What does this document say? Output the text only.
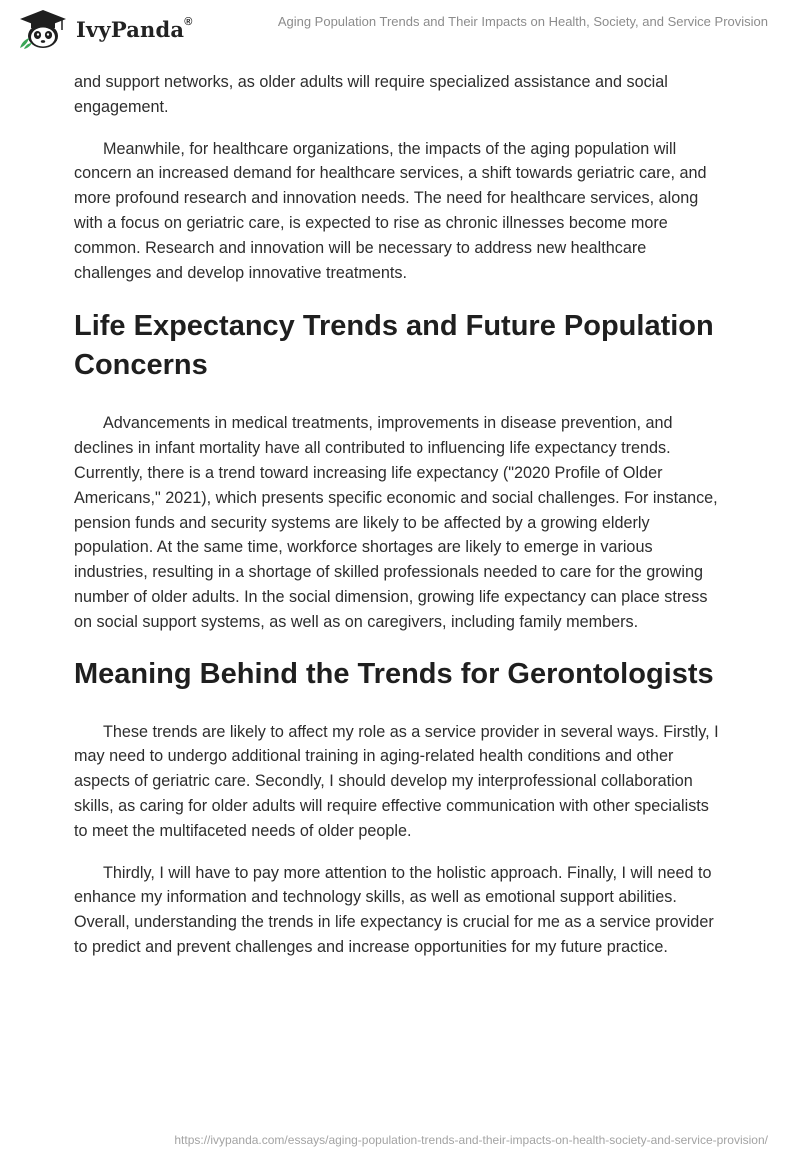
IvyPanda®	Aging Population Trends and Their Impacts on Health, Society, and Service Provision

and support networks, as older adults will require specialized assistance and social engagement.

Meanwhile, for healthcare organizations, the impacts of the aging population will concern an increased demand for healthcare services, a shift towards geriatric care, and more profound research and innovation needs. The need for healthcare services, along with a focus on geriatric care, is expected to rise as chronic illnesses become more common. Research and innovation will be necessary to address new healthcare challenges and develop innovative treatments.

Life Expectancy Trends and Future Population Concerns

Advancements in medical treatments, improvements in disease prevention, and declines in infant mortality have all contributed to influencing life expectancy trends. Currently, there is a trend toward increasing life expectancy ("2020 Profile of Older Americans," 2021), which presents specific economic and social challenges. For instance, pension funds and security systems are likely to be affected by a growing elderly population. At the same time, workforce shortages are likely to emerge in various industries, resulting in a shortage of skilled professionals needed to care for the growing number of older adults. In the social dimension, growing life expectancy can place stress on social support systems, as well as on caregivers, including family members.

Meaning Behind the Trends for Gerontologists

These trends are likely to affect my role as a service provider in several ways. Firstly, I may need to undergo additional training in aging-related health conditions and other aspects of geriatric care. Secondly, I should develop my interprofessional collaboration skills, as caring for older adults will require effective communication with other specialists to meet the multifaceted needs of older people.

Thirdly, I will have to pay more attention to the holistic approach. Finally, I will need to enhance my information and technology skills, as well as emotional support abilities. Overall, understanding the trends in life expectancy is crucial for me as a service provider to predict and prevent challenges and increase opportunities for my future practice.

https://ivypanda.com/essays/aging-population-trends-and-their-impacts-on-health-society-and-service-provision/
